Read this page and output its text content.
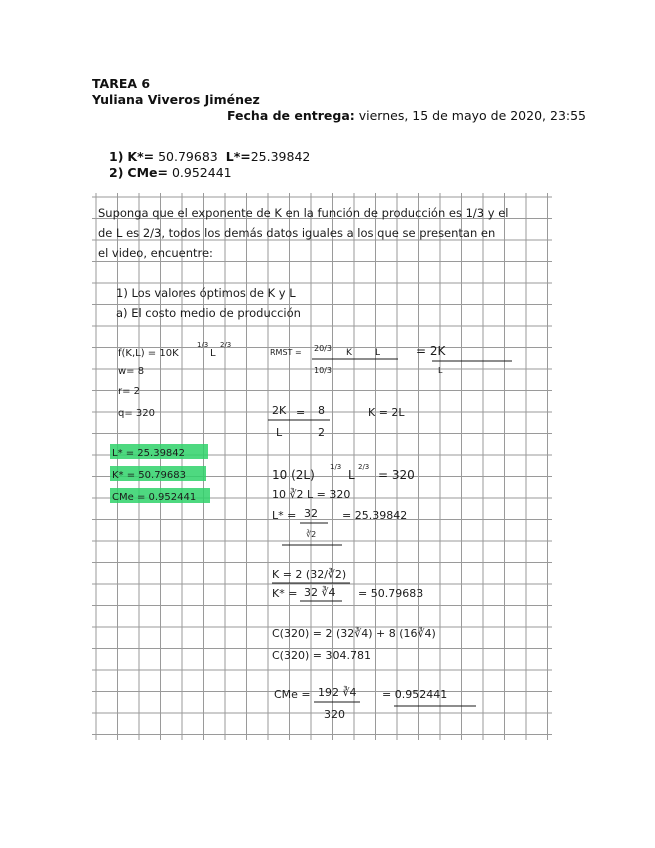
TAREA 6
Yuliana Viveros Jiménez
Fecha de entrega: viernes, 15 de mayo de 2020, 23:55
1) K*= 50.79683 L*=25.39842
2) CMe= 0.952441
Suponga que el exponente de K en la función de producción es 1/3 y el
de L es 2/3, todos los demás datos iguales a los que se presentan en
el video, encuentre:
1) Los valores óptimos de K y L
a) El costo medio de producción
f(K,L) = 10K
1/3
L
2/3
RMST = 20/3 K	L
10/3
= 2K
L
w= 8
r= 2
q= 320	2K = 8
L	2
K = 2L
L* = 25.39842
K* = 50.79683
CMe = 0.952441
10 (2L)
1/3
L
2/3
= 320
10 ∛2 L = 320
L* = 32
∛2
= 25.39842
K = 2 (32/∛2)
K* = 32 ∛4 = 50.79683
C(320) = 2 (32∛4) + 8 (16∛4)
C(320) = 304.781
CMe = 192 ∛4
320
= 0.952441
